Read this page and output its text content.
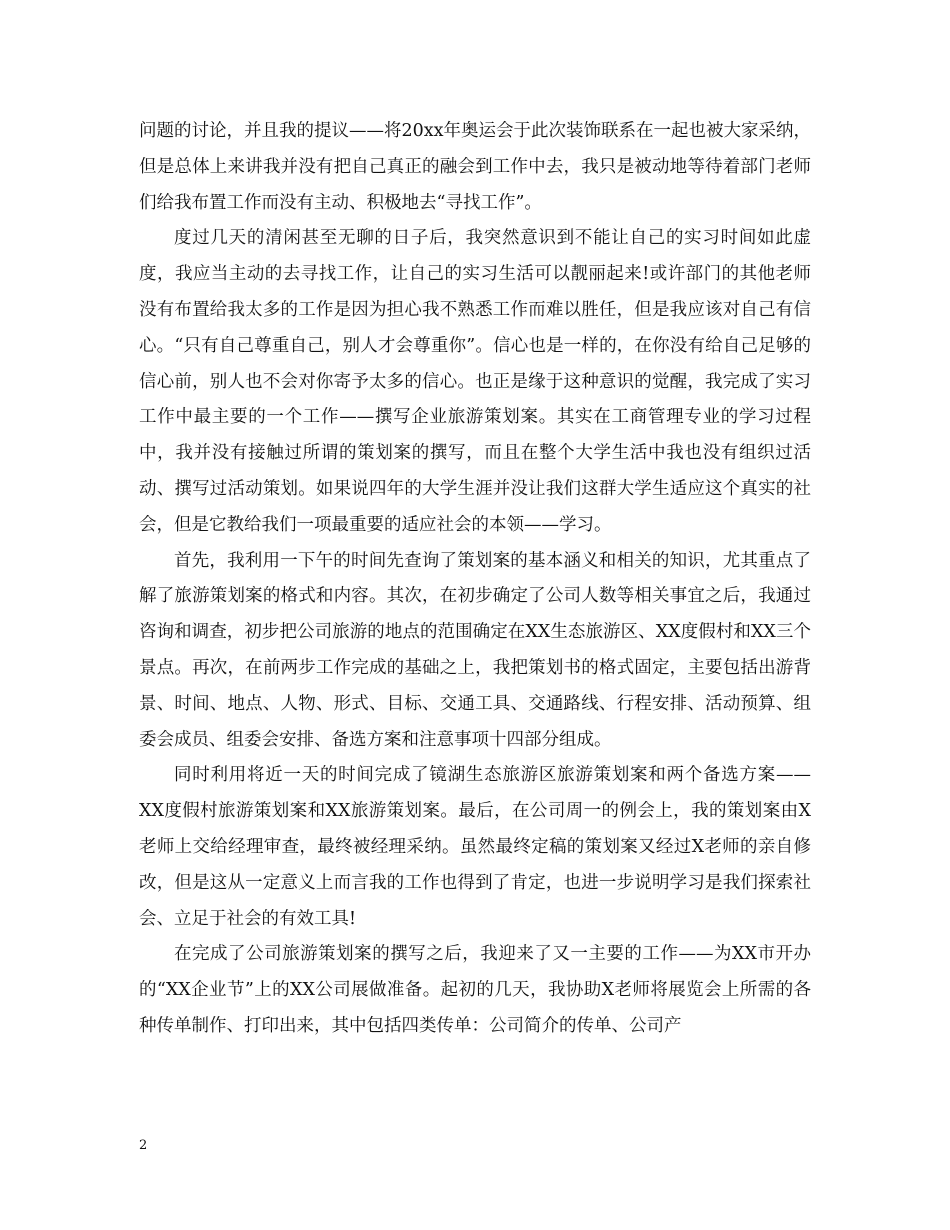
问题的讨论，并且我的提议——将20xx年奥运会于此次装饰联系在一起也被大家采纳，但是总体上来讲我并没有把自己真正的融会到工作中去，我只是被动地等待着部门老师们给我布置工作而没有主动、积极地去“寻找工作”。

度过几天的清闲甚至无聊的日子后，我突然意识到不能让自己的实习时间如此虚度，我应当主动的去寻找工作，让自己的实习生活可以靓丽起来!或许部门的其他老师没有布置给我太多的工作是因为担心我不熟悉工作而难以胜任，但是我应该对自己有信心。“只有自己尊重自己，别人才会尊重你”。信心也是一样的，在你没有给自己足够的信心前，别人也不会对你寄予太多的信心。也正是缘于这种意识的觉醒，我完成了实习工作中最主要的一个工作——撰写企业旅游策划案。其实在工商管理专业的学习过程中，我并没有接触过所谓的策划案的撰写，而且在整个大学生活中我也没有组织过活动、撰写过活动策划。如果说四年的大学生涯并没让我们这群大学生适应这个真实的社会，但是它教给我们一项最重要的适应社会的本领——学习。

首先，我利用一下午的时间先查询了策划案的基本涵义和相关的知识，尤其重点了解了旅游策划案的格式和内容。其次，在初步确定了公司人数等相关事宜之后，我通过咨询和调查，初步把公司旅游的地点的范围确定在XX生态旅游区、XX度假村和XX三个景点。再次，在前两步工作完成的基础之上，我把策划书的格式固定，主要包括出游背景、时间、地点、人物、形式、目标、交通工具、交通路线、行程安排、活动预算、组委会成员、组委会安排、备选方案和注意事项十四部分组成。

同时利用将近一天的时间完成了镜湖生态旅游区旅游策划案和两个备选方案——XX度假村旅游策划案和XX旅游策划案。最后，在公司周一的例会上，我的策划案由X老师上交给经理审查，最终被经理采纳。虽然最终定稿的策划案又经过X老师的亲自修改，但是这从一定意义上而言我的工作也得到了肯定，也进一步说明学习是我们探索社会、立足于社会的有效工具!

在完成了公司旅游策划案的撰写之后，我迎来了又一主要的工作——为XX市开办的“XX企业节”上的XX公司展做准备。起初的几天，我协助X老师将展览会上所需的各种传单制作、打印出来，其中包括四类传单：公司简介的传单、公司产

2
